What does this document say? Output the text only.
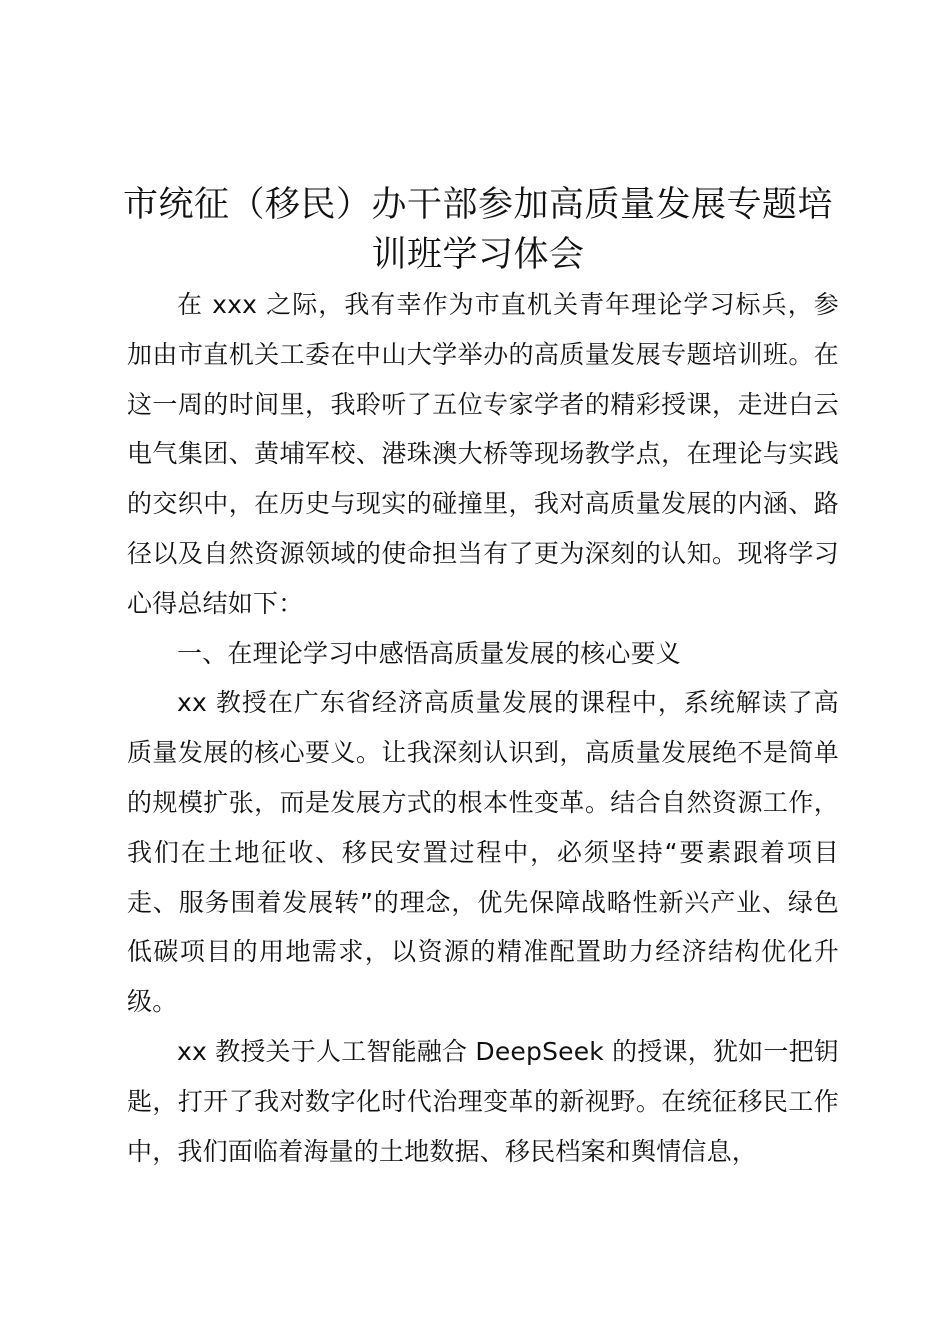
市统征（移民）办干部参加高质量发展专题培训班学习体会

在 xxx 之际，我有幸作为市直机关青年理论学习标兵，参加由市直机关工委在中山大学举办的高质量发展专题培训班。在这一周的时间里，我聆听了五位专家学者的精彩授课，走进白云电气集团、黄埔军校、港珠澳大桥等现场教学点，在理论与实践的交织中，在历史与现实的碰撞里，我对高质量发展的内涵、路径以及自然资源领域的使命担当有了更为深刻的认知。现将学习心得总结如下：

一、在理论学习中感悟高质量发展的核心要义

xx 教授在广东省经济高质量发展的课程中，系统解读了高质量发展的核心要义。让我深刻认识到，高质量发展绝不是简单的规模扩张，而是发展方式的根本性变革。结合自然资源工作，我们在土地征收、移民安置过程中，必须坚持“要素跟着项目走、服务围着发展转”的理念，优先保障战略性新兴产业、绿色低碳项目的用地需求，以资源的精准配置助力经济结构优化升级。

xx 教授关于人工智能融合 DeepSeek 的授课，犹如一把钥匙，打开了我对数字化时代治理变革的新视野。在统征移民工作中，我们面临着海量的土地数据、移民档案和舆情信息，
